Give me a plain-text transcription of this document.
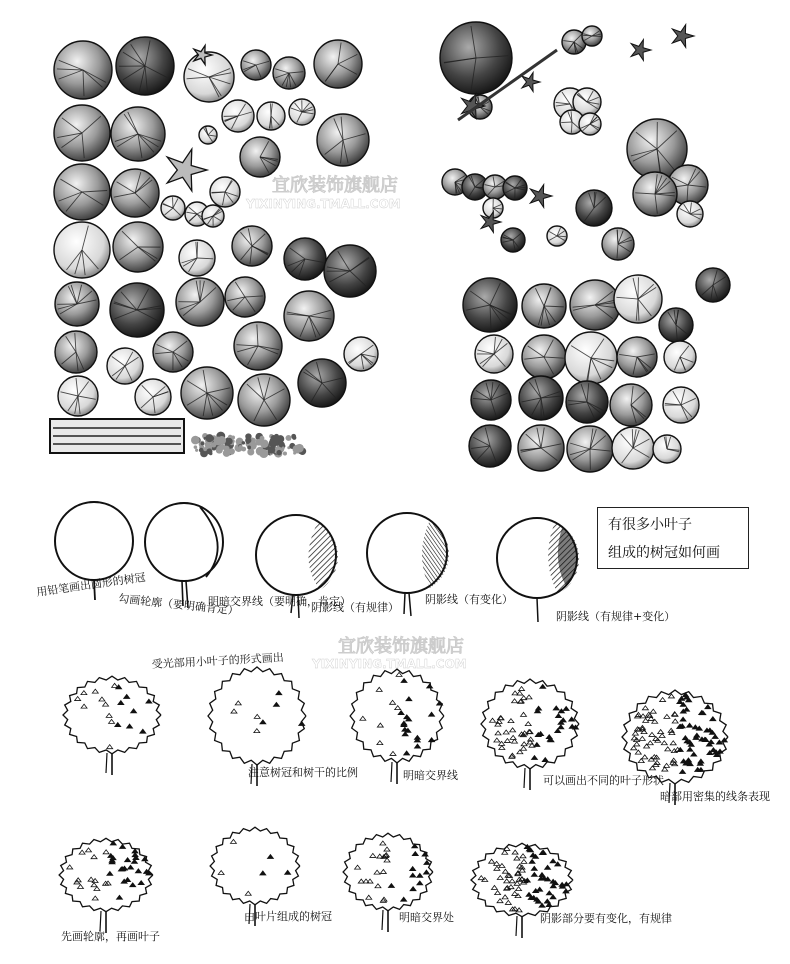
用铅笔画出圆形的树冠
勾画轮廓（要明确肯定）
明暗交界线（要明确，肯定）
阴影线（有规律）
阴影线（有变化）
阴影线（有规律+变化）
受光部用小叶子的形式画出
注意树冠和树干的比例	明暗交界线	可以画出不同的叶子形状
暗部用密集的线条表现
先画轮廓，再画叶子
由叶片组成的树冠	明暗交界处	阴影部分要有变化，有规律
宜欣装饰旗舰店
YIXINYING.TMALL.COM
宜欣装饰旗舰店
YIXINYING.TMALL.COM
有很多小叶子
组成的树冠如何画
